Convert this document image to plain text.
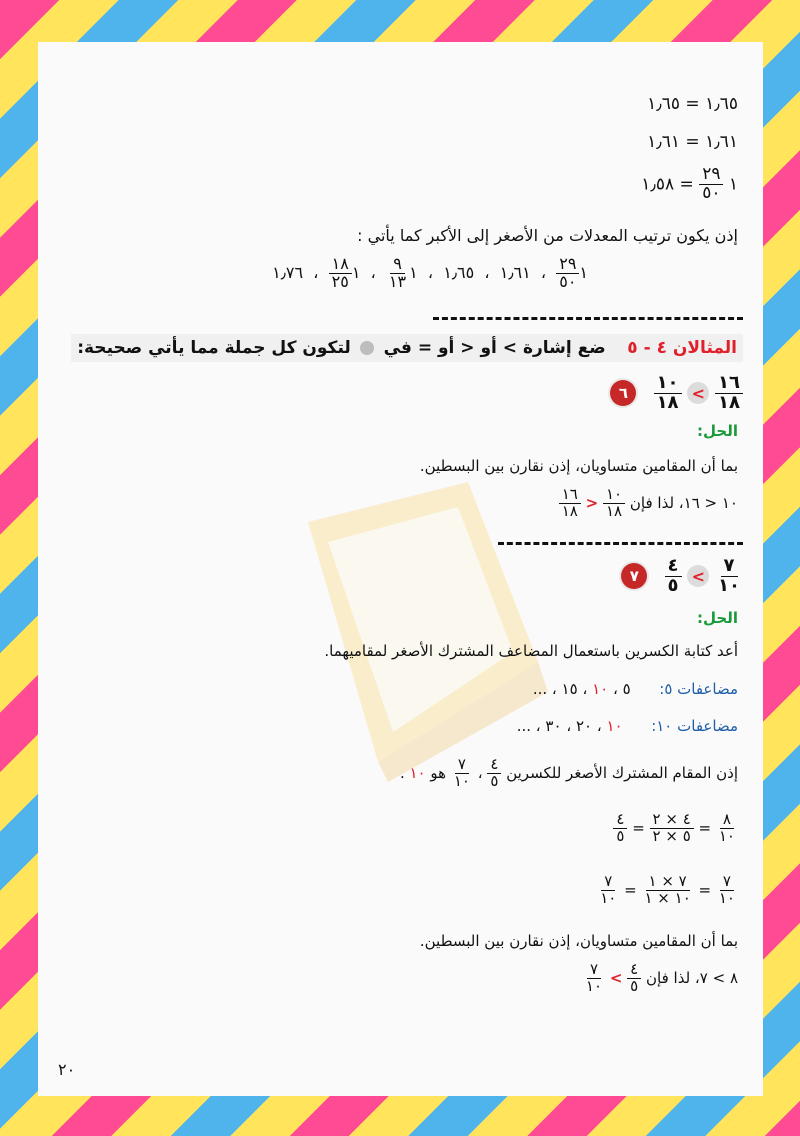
١٫٦٥ = ١٫٦٥
١٫٦١ = ١٫٦١
١
$\frac{٢٩}{٥٠}$
= ١٫٥٨
إذن يكون ترتيب المعدلات من الأصغر إلى الأكبر كما يأتي :
١
$\frac{٢٩}{٥٠}$
،  ١٫٦١  ،  ١٫٦٥  ،  ١
$\frac{٩}{١٣}$
،  ١
$\frac{١٨}{٢٥}$
،  ١٫٧٦
المثالان ٤ - ٥    ضع إشارة > أو < أو = في  لتكون كل جملة مما يأتي صحيحة:
٦ $\frac{١٠}{١٨} > \frac{١٦}{١٨}$
الحل:
بما أن المقامين متساويان، إذن نقارن بين البسطين.
١٠ < ١٦، لذا فإن
$\frac{١٠}{١٨}$
<
$\frac{١٦}{١٨}$
٧ $\frac{٤}{٥} > \frac{٧}{١٠}$
الحل:
أعد كتابة الكسرين باستعمال المضاعف المشترك الأصغر لمقاميهما.
مضاعفات ٥:      ٥ ، ١٠ ، ١٥ ، ...
مضاعفات ١٠:      ١٠ ، ٢٠ ، ٣٠ ، ...
إذن المقام المشترك الأصغر للكسرين
$\frac{٤}{٥}$
،
$\frac{٧}{١٠}$
هو ١٠ .
$\frac{٤}{٥} = \frac{٤ \times ٢}{٥ \times ٢} = \frac{٨}{١٠}$
$\frac{٧}{١٠} = \frac{٧ \times ١}{١٠ \times ١} = \frac{٧}{١٠}$
بما أن المقامين متساويان، إذن نقارن بين البسطين.
٨ > ٧، لذا فإن
$\frac{٤}{٥}$
>
$\frac{٧}{١٠}$
٢٠
